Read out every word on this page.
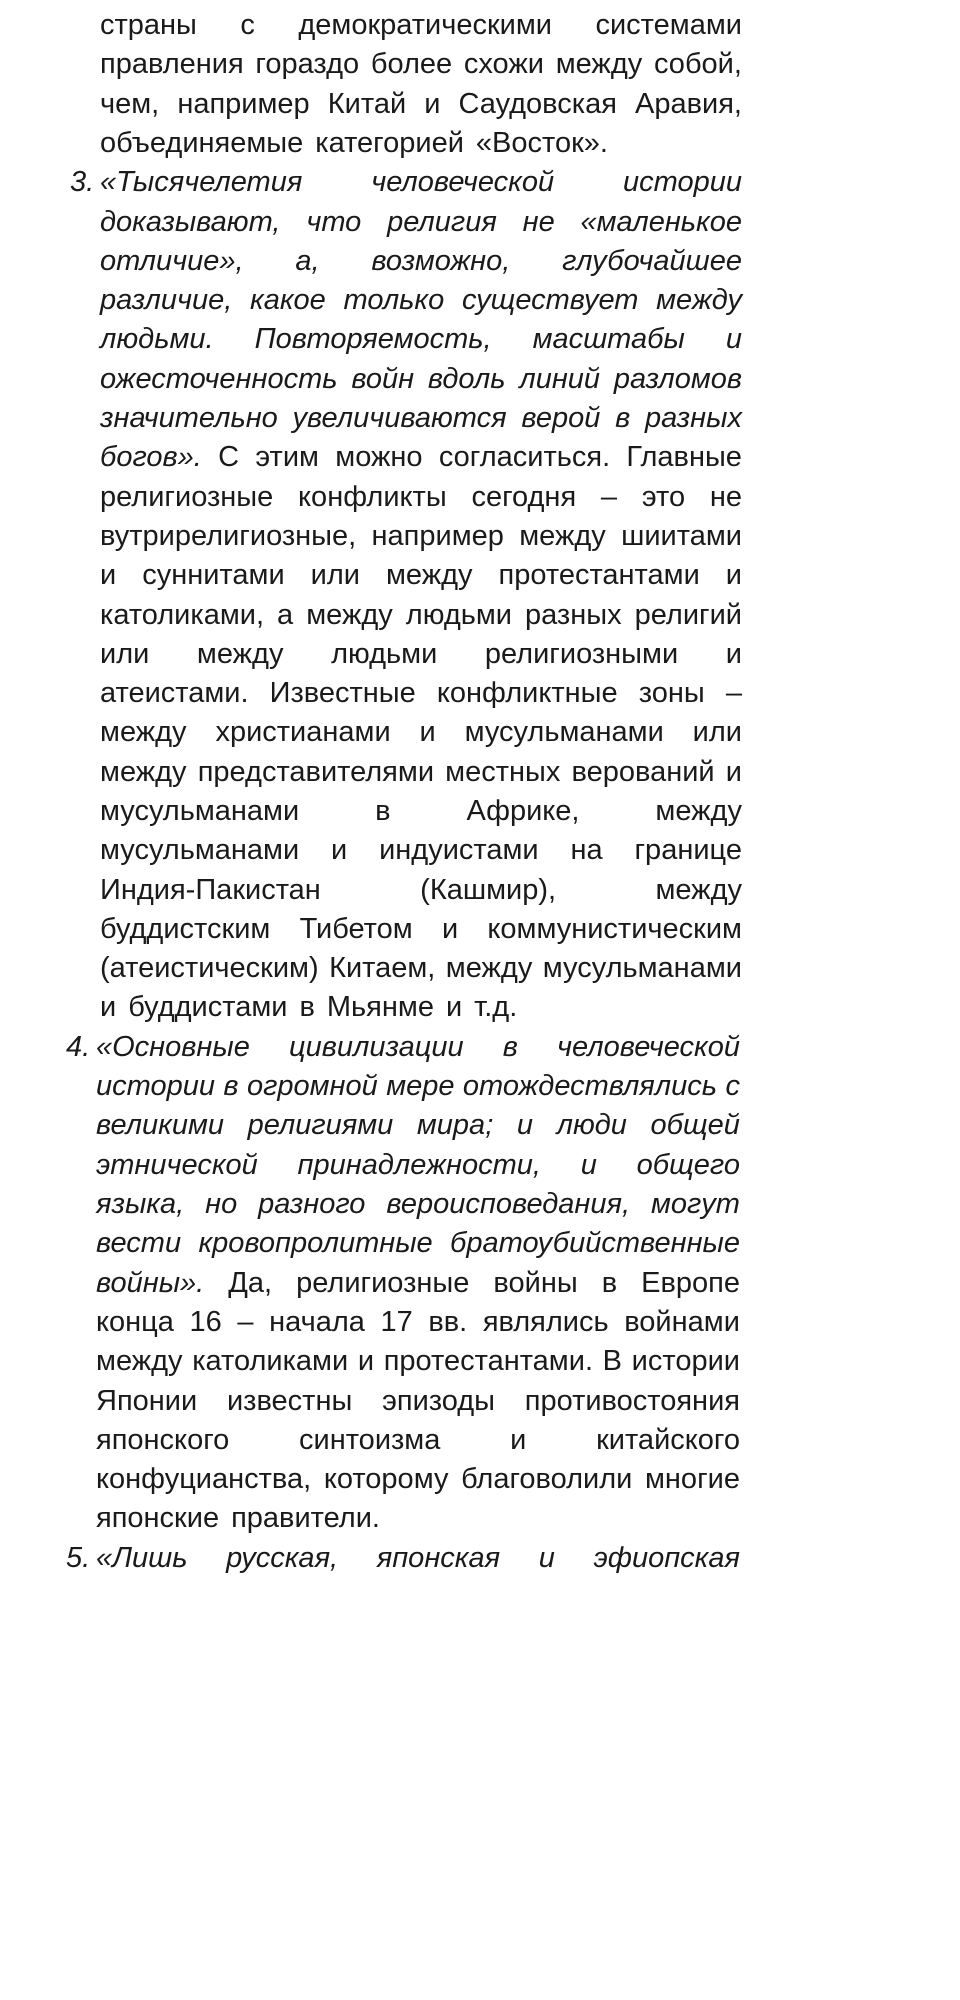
страны с демократическими системами
правления гораздо более схожи между собой,
чем, например Китай и Саудовская Аравия,
объединяемые категорией «Восток».
3. «Тысячелетия человеческой истории
доказывают, что религия не «маленькое
отличие», а, возможно, глубочайшее
различие, какое только существует между
людьми. Повторяемость, масштабы и
ожесточенность войн вдоль линий разломов
значительно увеличиваются верой в разных
богов». С этим можно согласиться. Главные
религиозные конфликты сегодня – это не
вутрирелигиозные, например между шиитами
и суннитами или между протестантами и
католиками, а между людьми разных религий
или между людьми религиозными и
атеистами. Известные конфликтные зоны –
между христианами и мусульманами или
между представителями местных верований и
мусульманами	в	Африке,	между
мусульманами и индуистами на границе
Индия-Пакистан	(Кашмир),	между
буддистским Тибетом и коммунистическим
(атеистическим) Китаем, между мусульманами
и буддистами в Мьянме и т.д.
4. «Основные цивилизации в человеческой
истории в огромной мере отождествлялись с
великими религиями мира; и люди общей
этнической принадлежности, и общего
языка, но разного вероисповедания, могут
вести кровопролитные братоубийственные
войны». Да, религиозные войны в Европе
конца 16 – начала 17 вв. являлись войнами
между католиками и протестантами. В истории
Японии известны эпизоды противостояния
японского синтоизма и китайского
конфуцианства, которому благоволили многие
японские правители.
5. «Лишь русская, японская и эфиопская
